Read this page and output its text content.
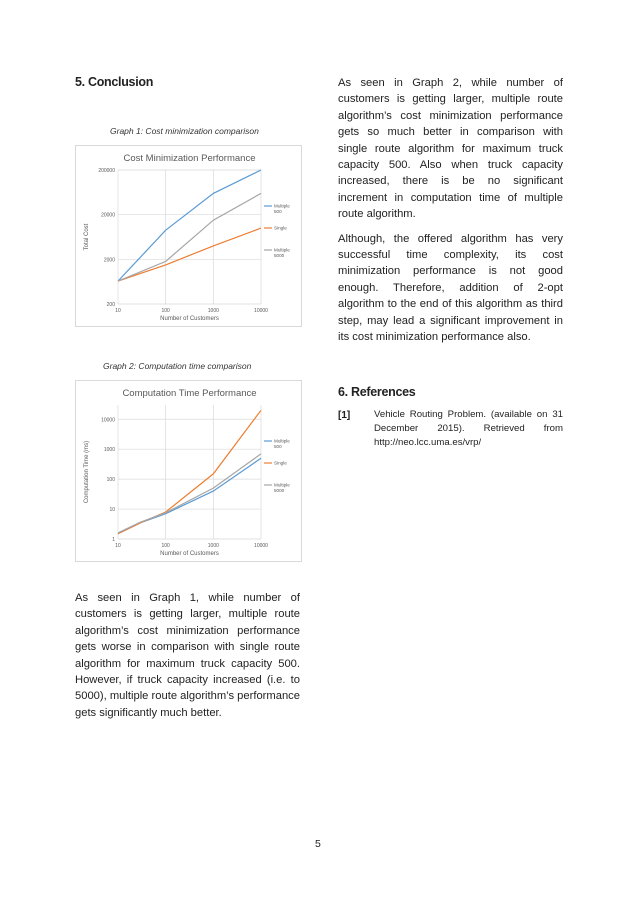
5. Conclusion
Graph 1: Cost minimization comparison
Cost Minimization Performance
200
2000
20000
200000
10	100	1000	10000
Number of Customers
Total Cost
Multiple 500
Single
Multiple 5000
Graph 2: Computation time comparison
Computation Time Performance
1
10
100
1000
10000
10	100	1000	10000
Number of Customers
Computation Time (ms)	Multiple 500
Single
Multiple 5000

As seen in Graph 1, while number of customers is getting larger, multiple route algorithm’s cost minimization performance gets worse in comparison with single route algorithm for maximum truck capacity 500. However, if truck capacity increased (i.e. to 5000), multiple route algorithm’s performance gets significantly much better.

As seen in Graph 2, while number of customers is getting larger, multiple route algorithm’s cost minimization performance gets so much better in comparison with single route algorithm for maximum truck capacity 500. Also when truck capacity increased, there is be no significant increment in computation time of multiple route algorithm.

Although, the offered algorithm has very successful time complexity, its cost minimization performance is not good enough. Therefore, addition of 2-opt algorithm to the end of this algorithm as third step, may lead a significant improvement in its cost minimization performance also.

6. References
[1] Vehicle Routing Problem. (available on 31 December 2015). Retrieved from http://neo.lcc.uma.es/vrp/
5
